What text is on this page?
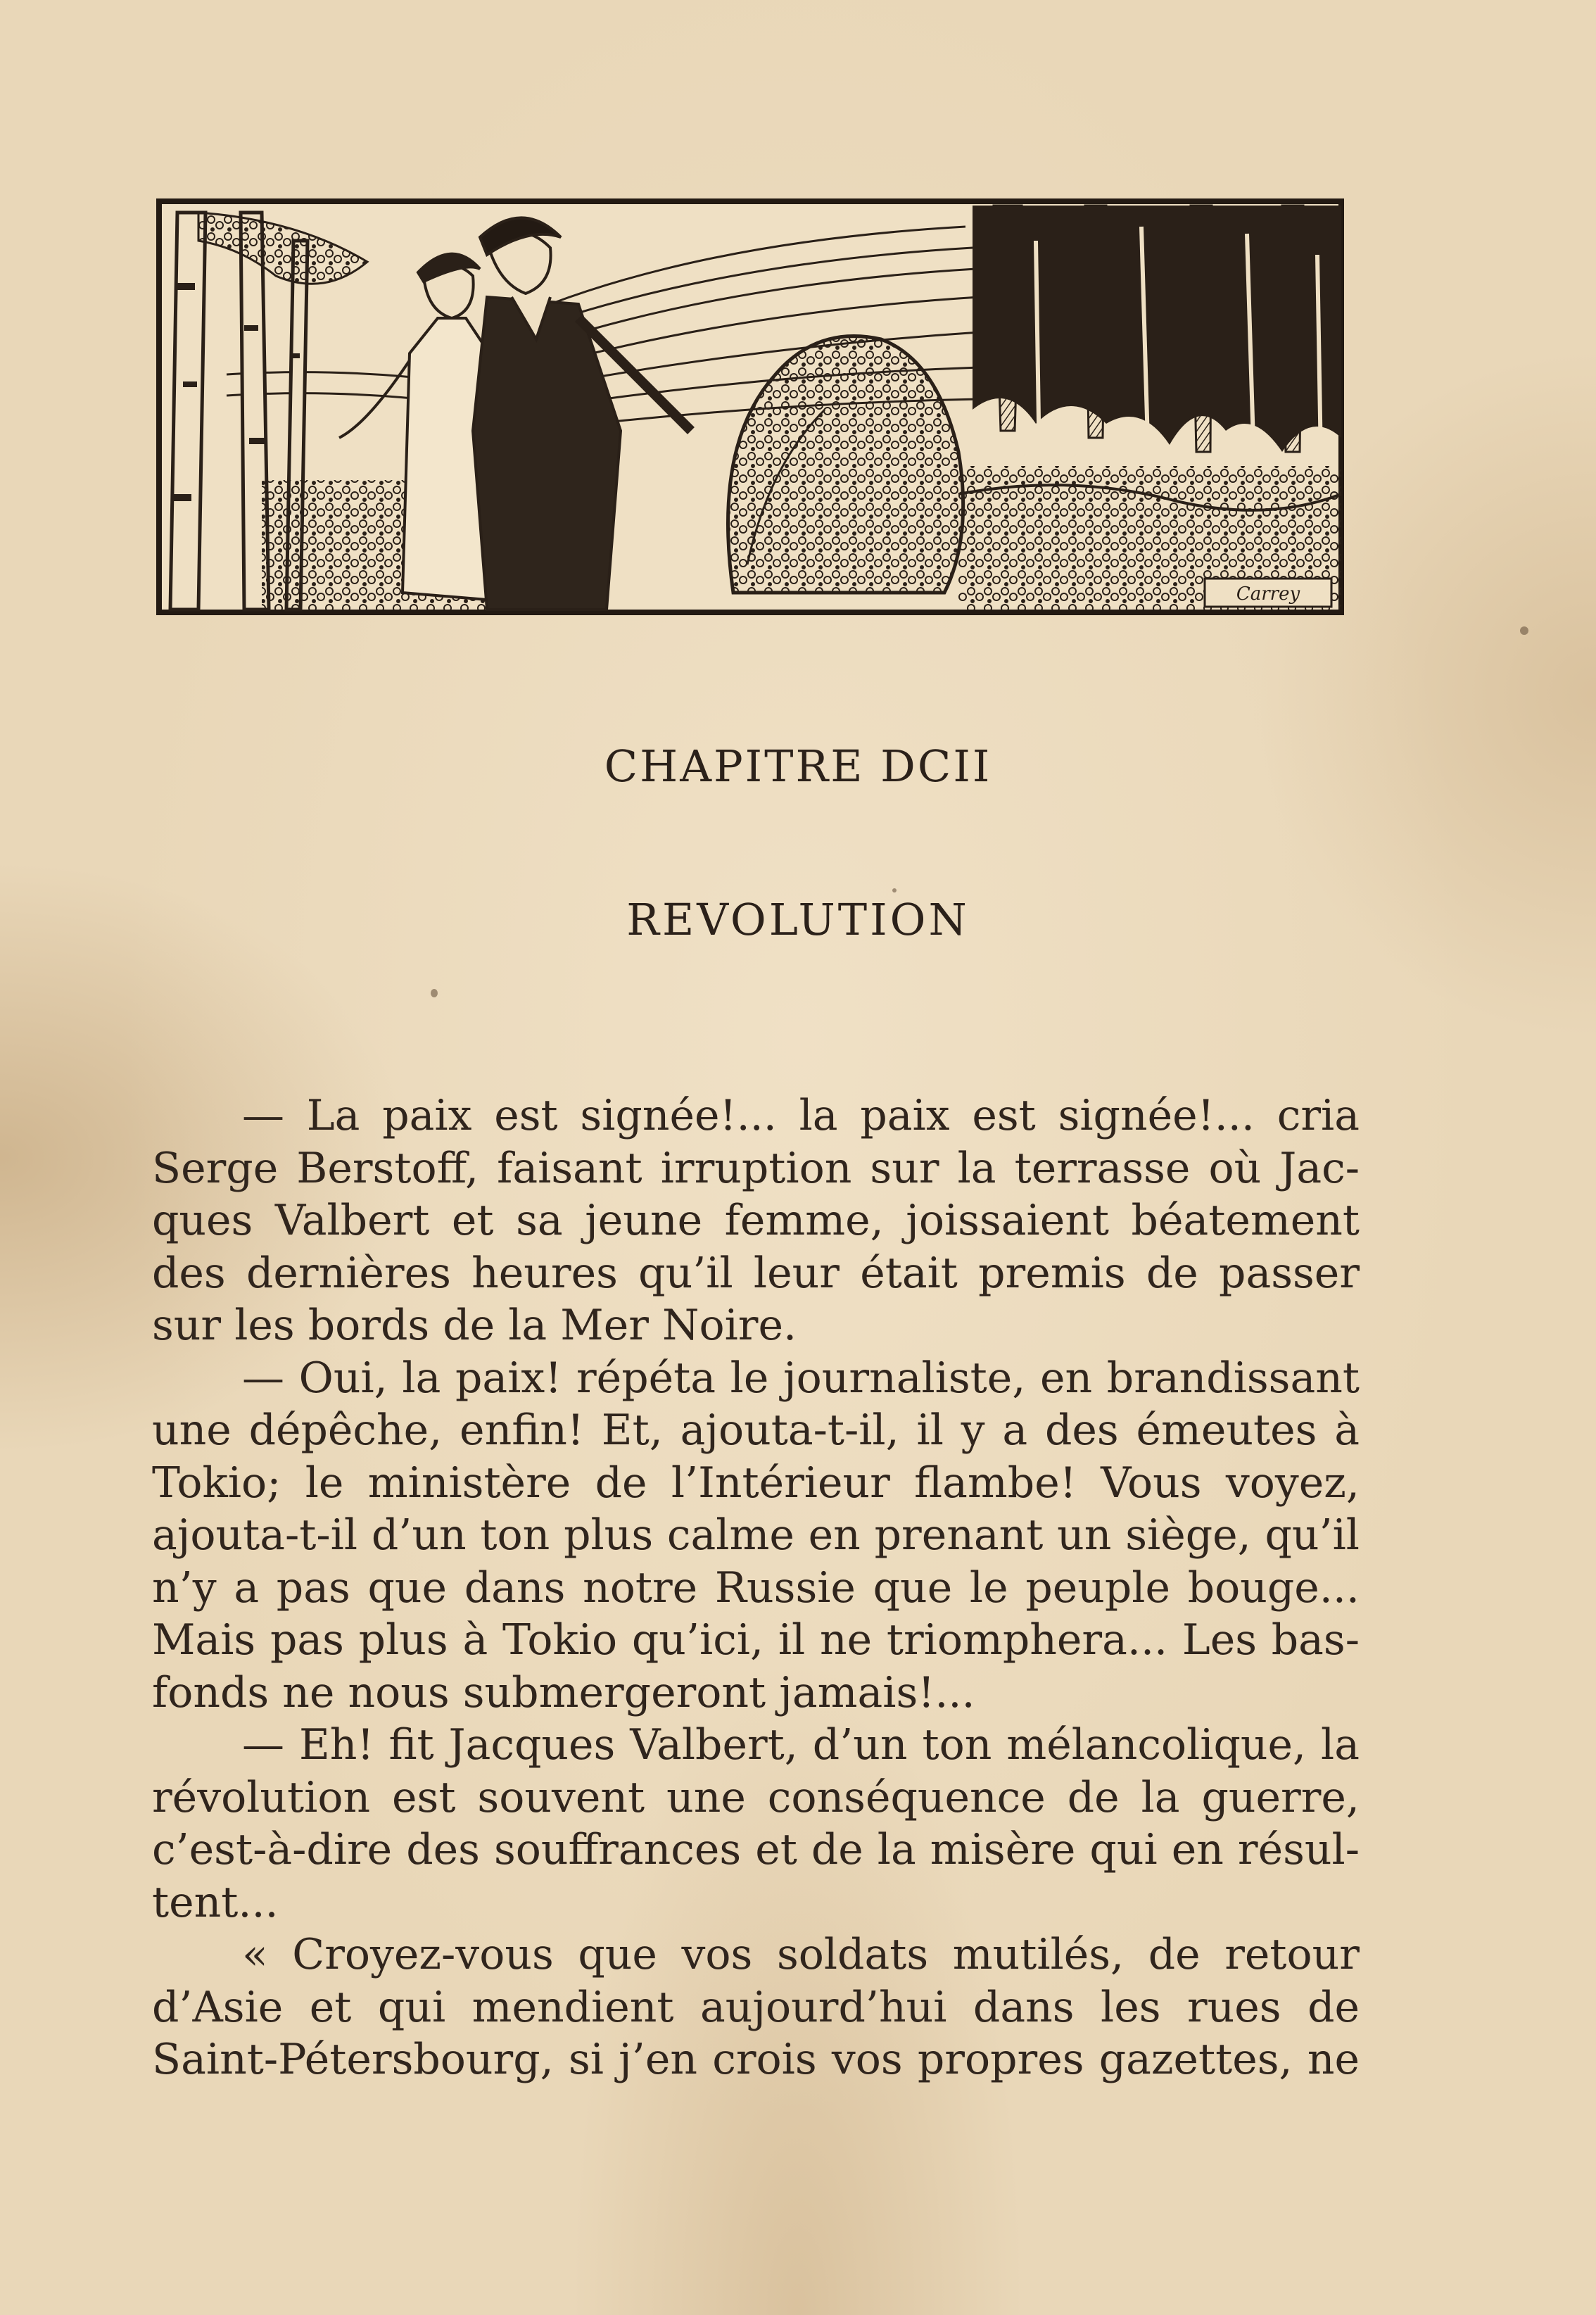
Carrey
CHAPITRE DCII
REVOLUTION

— La paix est signée!... la paix est signée!... cria Serge Berstoff, faisant irruption sur la terrasse où Jacques Valbert et sa jeune femme, joissaient béatement des dernières heures qu’il leur était premis de passer sur les bords de la Mer Noire.

— Oui, la paix! répéta le journaliste, en brandissant une dépêche, enfin! Et, ajouta-t-il, il y a des émeutes à Tokio; le ministère de l’Intérieur flambe! Vous voyez, ajouta-t-il d’un ton plus calme en prenant un siège, qu’il n’y a pas que dans notre Russie que le peuple bouge... Mais pas plus à Tokio qu’ici, il ne triomphera... Les basfonds ne nous submergeront jamais!...

— Eh! fit Jacques Valbert, d’un ton mélancolique, la révolution est souvent une conséquence de la guerre, c’est-à-dire des souffrances et de la misère qui en résultent...

« Croyez-vous que vos soldats mutilés, de retour d’Asie et qui mendient aujourd’hui dans les rues de Saint-Pétersbourg, si j’en crois vos propres gazettes, ne
